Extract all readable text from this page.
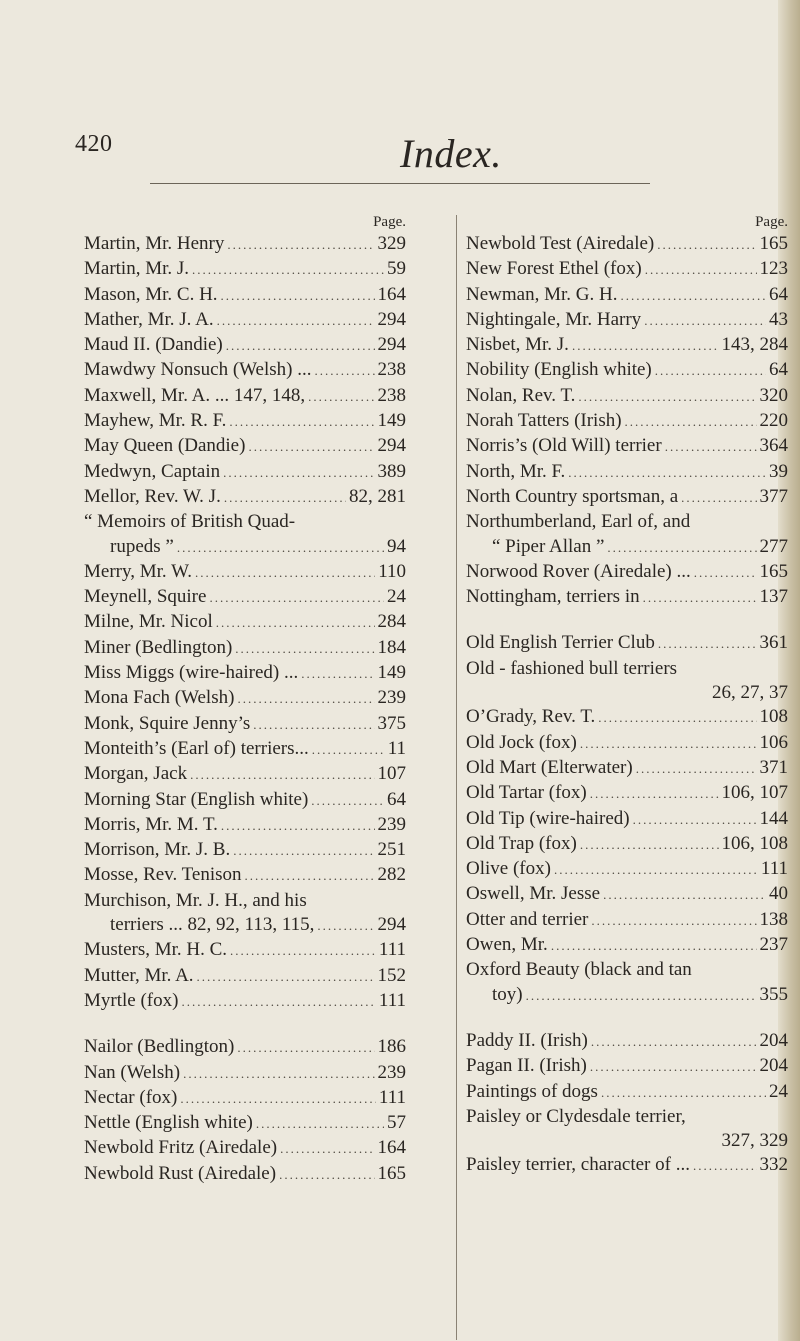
420	Index.
Page.
Martin, Mr. Henry .....	329
Martin, Mr. J. .....	59
Mason, Mr. C. H. .....	164
Mather, Mr. J. A. .....	294
Maud II. (Dandie) .....	294
Mawdwy Nonsuch (Welsh) ... .....	238
Maxwell, Mr. A. ... 147, 148, .....	238
Mayhew, Mr. R. F. .....	149
May Queen (Dandie) .....	294
Medwyn, Captain .....	389
Mellor, Rev. W. J. .....	82, 281
“ Memoirs of British Quad-
rupeds ” .....	94
Merry, Mr. W. .....	110
Meynell, Squire .....	24
Milne, Mr. Nicol .....	284
Miner (Bedlington) .....	184
Miss Miggs (wire-haired) ... .....	149
Mona Fach (Welsh) .....	239
Monk, Squire Jenny’s .....	375
Monteith’s (Earl of) terriers... .....	11
Morgan, Jack .....	107
Morning Star (English white) .....	64
Morris, Mr. M. T. .....	239
Morrison, Mr. J. B. .....	251
Mosse, Rev. Tenison .....	282
Murchison, Mr. J. H., and his
terriers ... 82, 92, 113, 115, .....	294
Musters, Mr. H. C. .....	111
Mutter, Mr. A. .....	152
Myrtle (fox) .....	111
Nailor (Bedlington) .....	186
Nan (Welsh) .....	239
Nectar (fox) .....	111
Nettle (English white) .....	57
Newbold Fritz (Airedale) .....	164
Newbold Rust (Airedale) .....	165
Page.
Newbold Test (Airedale) .....	165
New Forest Ethel (fox) .....	123
Newman, Mr. G. H. .....	64
Nightingale, Mr. Harry .....	43
Nisbet, Mr. J. .....	143, 284
Nobility (English white) .....	64
Nolan, Rev. T. .....	320
Norah Tatters (Irish) .....	220
Norris’s (Old Will) terrier .....	364
North, Mr. F. .....	39
North Country sportsman, a .....	377
Northumberland, Earl of, and
“ Piper Allan ” .....	277
Norwood Rover (Airedale) ... .....	165
Nottingham, terriers in .....	137
Old English Terrier Club .....	361
Old - fashioned bull terriers
26, 27, 37
O’Grady, Rev. T. .....	108
Old Jock (fox) .....	106
Old Mart (Elterwater) .....	371
Old Tartar (fox) .....	106, 107
Old Tip (wire-haired) .....	144
Old Trap (fox) .....	106, 108
Olive (fox) .....	111
Oswell, Mr. Jesse .....	40
Otter and terrier .....	138
Owen, Mr. .....	237
Oxford Beauty (black and tan
toy) .....	355
Paddy II. (Irish) .....	204
Pagan II. (Irish) .....	204
Paintings of dogs .....	24
Paisley or Clydesdale terrier,
327, 329
Paisley terrier, character of ... .....	332
